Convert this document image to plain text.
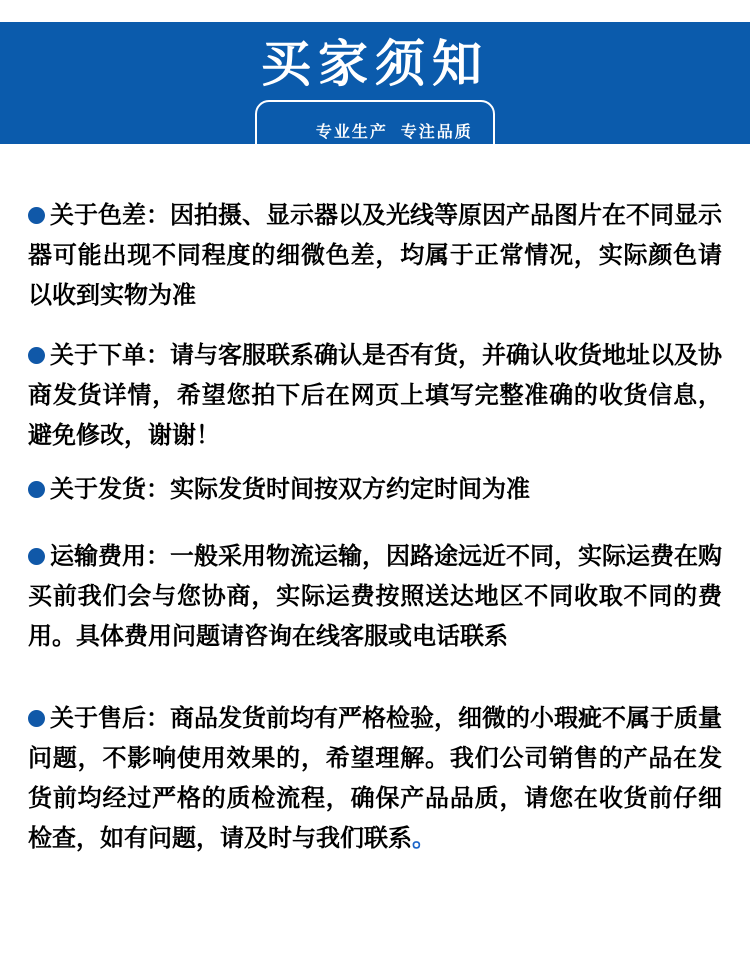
买家须知

专业生产  专注品质

关于色差：因拍摄、显示器以及光线等原因产品图片在不同显示器可能出现不同程度的细微色差，均属于正常情况，实际颜色请以收到实物为准

关于下单：请与客服联系确认是否有货，并确认收货地址以及协商发货详情，希望您拍下后在网页上填写完整准确的收货信息，避免修改，谢谢！

关于发货：实际发货时间按双方约定时间为准

运输费用：一般采用物流运输，因路途远近不同，实际运费在购买前我们会与您协商，实际运费按照送达地区不同收取不同的费用。具体费用问题请咨询在线客服或电话联系

关于售后：商品发货前均有严格检验，细微的小瑕疵不属于质量问题，不影响使用效果的，希望理解。我们公司销售的产品在发货前均经过严格的质检流程，确保产品品质，请您在收货前仔细检查，如有问题，请及时与我们联系。
